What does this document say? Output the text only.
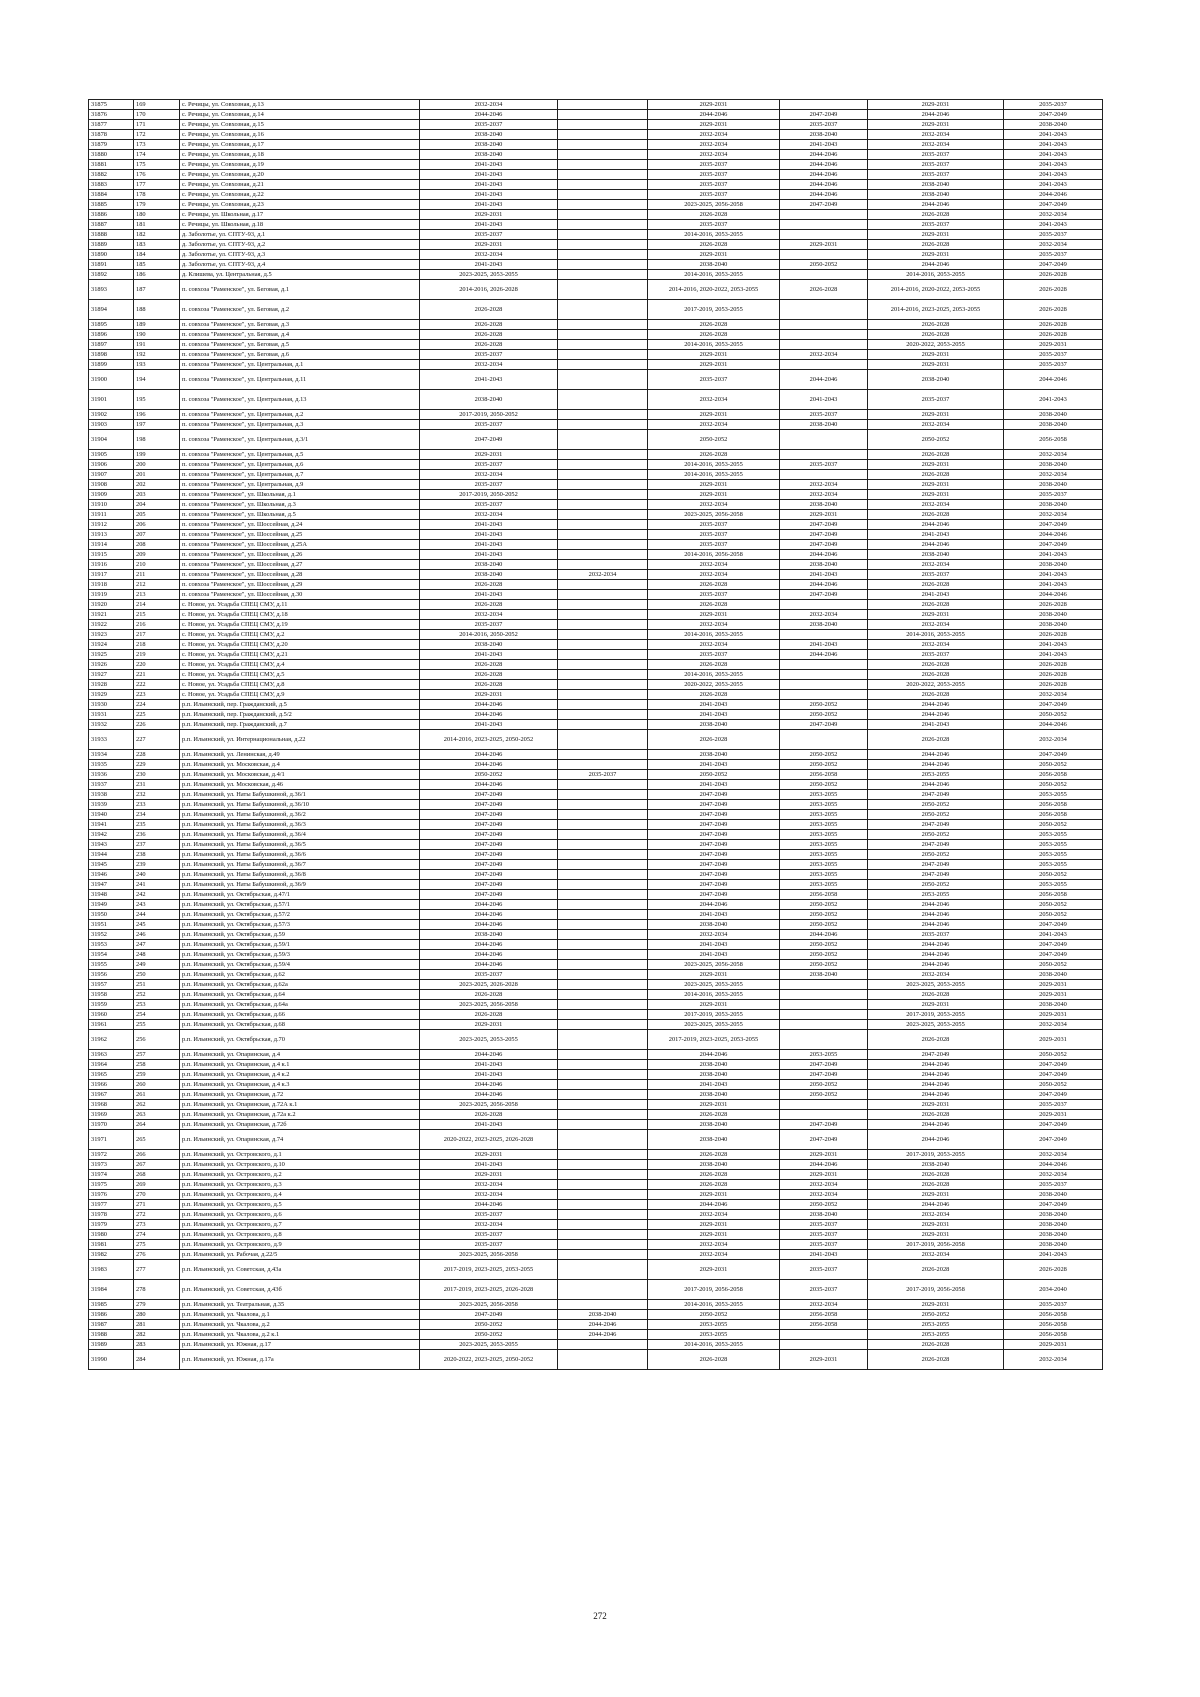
31875	169	с. Речицы, ул. Совхозная, д.13	2032-2034		2029-2031		2029-2031	2035-2037
31876	170	с. Речицы, ул. Совхозная, д.14	2044-2046		2044-2046	2047-2049	2044-2046	2047-2049
31877	171	с. Речицы, ул. Совхозная, д.15	2035-2037		2029-2031	2035-2037	2029-2031	2038-2040
31878	172	с. Речицы, ул. Совхозная, д.16	2038-2040		2032-2034	2038-2040	2032-2034	2041-2043
31879	173	с. Речицы, ул. Совхозная, д.17	2038-2040		2032-2034	2041-2043	2032-2034	2041-2043
31880	174	с. Речицы, ул. Совхозная, д.18	2038-2040		2032-2034	2044-2046	2035-2037	2041-2043
31881	175	с. Речицы, ул. Совхозная, д.19	2041-2043		2035-2037	2044-2046	2035-2037	2041-2043
31882	176	с. Речицы, ул. Совхозная, д.20	2041-2043		2035-2037	2044-2046	2035-2037	2041-2043
31883	177	с. Речицы, ул. Совхозная, д.21	2041-2043		2035-2037	2044-2046	2038-2040	2041-2043
31884	178	с. Речицы, ул. Совхозная, д.22	2041-2043		2035-2037	2044-2046	2038-2040	2044-2046
31885	179	с. Речицы, ул. Совхозная, д.23	2041-2043		2023-2025, 2056-2058	2047-2049	2044-2046	2047-2049
31886	180	с. Речицы, ул. Школьная, д.17	2029-2031		2026-2028		2026-2028	2032-2034
31887	181	с. Речицы, ул. Школьная, д.18	2041-2043		2035-2037		2035-2037	2041-2043
31888	182	д. Заболотье, ул. СПТУ-93, д.1	2035-2037		2014-2016, 2053-2055		2029-2031	2035-2037
31889	183	д. Заболотье, ул. СПТУ-93, д.2	2029-2031		2026-2028	2029-2031	2026-2028	2032-2034
31890	184	д. Заболотье, ул. СПТУ-93, д.3	2032-2034		2029-2031		2029-2031	2035-2037
31891	185	д. Заболотье, ул. СПТУ-93, д.4	2041-2043		2038-2040	2050-2052	2044-2046	2047-2049
31892	186	д. Клишева, ул. Центральная, д.5	2023-2025, 2053-2055		2014-2016, 2053-2055		2014-2016, 2053-2055	2026-2028
31893	187	п. совхоза "Раменское", ул. Беговая, д.1	2014-2016, 2026-2028		2014-2016, 2020-2022, 2053-2055	2026-2028	2014-2016, 2020-2022, 2053-2055	2026-2028
31894	188	п. совхоза "Раменское", ул. Беговая, д.2	2026-2028		2017-2019, 2053-2055		2014-2016, 2023-2025, 2053-2055	2026-2028
31895	189	п. совхоза "Раменское", ул. Беговая, д.3	2026-2028		2026-2028		2026-2028	2026-2028
31896	190	п. совхоза "Раменское", ул. Беговая, д.4	2026-2028		2026-2028		2026-2028	2026-2028
31897	191	п. совхоза "Раменское", ул. Беговая, д.5	2026-2028		2014-2016, 2053-2055		2020-2022, 2053-2055	2029-2031
31898	192	п. совхоза "Раменское", ул. Беговая, д.6	2035-2037		2029-2031	2032-2034	2029-2031	2035-2037
31899	193	п. совхоза "Раменское", ул. Центральная, д.1	2032-2034		2029-2031		2029-2031	2035-2037
31900	194	п. совхоза "Раменское", ул. Центральная, д.11	2041-2043		2035-2037	2044-2046	2038-2040	2044-2046
31901	195	п. совхоза "Раменское", ул. Центральная, д.13	2038-2040		2032-2034	2041-2043	2035-2037	2041-2043
31902	196	п. совхоза "Раменское", ул. Центральная, д.2	2017-2019, 2050-2052		2029-2031	2035-2037	2029-2031	2038-2040
31903	197	п. совхоза "Раменское", ул. Центральная, д.3	2035-2037		2032-2034	2038-2040	2032-2034	2038-2040
31904	198	п. совхоза "Раменское", ул. Центральная, д.3/1	2047-2049		2050-2052		2050-2052	2056-2058
31905	199	п. совхоза "Раменское", ул. Центральная, д.5	2029-2031		2026-2028		2026-2028	2032-2034
31906	200	п. совхоза "Раменское", ул. Центральная, д.6	2035-2037		2014-2016, 2053-2055	2035-2037	2029-2031	2038-2040
31907	201	п. совхоза "Раменское", ул. Центральная, д.7	2032-2034		2014-2016, 2053-2055		2026-2028	2032-2034
31908	202	п. совхоза "Раменское", ул. Центральная, д.9	2035-2037		2029-2031	2032-2034	2029-2031	2038-2040
31909	203	п. совхоза "Раменское", ул. Школьная, д.1	2017-2019, 2050-2052		2029-2031	2032-2034	2029-2031	2035-2037
31910	204	п. совхоза "Раменское", ул. Школьная, д.3	2035-2037		2032-2034	2038-2040	2032-2034	2038-2040
31911	205	п. совхоза "Раменское", ул. Школьная, д.5	2032-2034		2023-2025, 2056-2058	2029-2031	2026-2028	2032-2034
31912	206	п. совхоза "Раменское", ул. Шоссейная, д.24	2041-2043		2035-2037	2047-2049	2044-2046	2047-2049
31913	207	п. совхоза "Раменское", ул. Шоссейная, д.25	2041-2043		2035-2037	2047-2049	2041-2043	2044-2046
31914	208	п. совхоза "Раменское", ул. Шоссейная, д.25А	2041-2043		2035-2037	2047-2049	2044-2046	2047-2049
31915	209	п. совхоза "Раменское", ул. Шоссейная, д.26	2041-2043		2014-2016, 2056-2058	2044-2046	2038-2040	2041-2043
31916	210	п. совхоза "Раменское", ул. Шоссейная, д.27	2038-2040		2032-2034	2038-2040	2032-2034	2038-2040
31917	211	п. совхоза "Раменское", ул. Шоссейная, д.28	2038-2040	2032-2034	2032-2034	2041-2043	2035-2037	2041-2043
31918	212	п. совхоза "Раменское", ул. Шоссейная, д.29	2026-2028		2026-2028	2044-2046	2026-2028	2041-2043
31919	213	п. совхоза "Раменское", ул. Шоссейная, д.30	2041-2043		2035-2037	2047-2049	2041-2043	2044-2046
31920	214	с. Новое, ул. Усадьба СПЕЦ СМУ, д.11	2026-2028		2026-2028		2026-2028	2026-2028
31921	215	с. Новое, ул. Усадьба СПЕЦ СМУ, д.18	2032-2034		2029-2031	2032-2034	2029-2031	2038-2040
31922	216	с. Новое, ул. Усадьба СПЕЦ СМУ, д.19	2035-2037		2032-2034	2038-2040	2032-2034	2038-2040
31923	217	с. Новое, ул. Усадьба СПЕЦ СМУ, д.2	2014-2016, 2050-2052		2014-2016, 2053-2055		2014-2016, 2053-2055	2026-2028
31924	218	с. Новое, ул. Усадьба СПЕЦ СМУ, д.20	2038-2040		2032-2034	2041-2043	2032-2034	2041-2043
31925	219	с. Новое, ул. Усадьба СПЕЦ СМУ, д.21	2041-2043		2035-2037	2044-2046	2035-2037	2041-2043
31926	220	с. Новое, ул. Усадьба СПЕЦ СМУ, д.4	2026-2028		2026-2028		2026-2028	2026-2028
31927	221	с. Новое, ул. Усадьба СПЕЦ СМУ, д.5	2026-2028		2014-2016, 2053-2055		2026-2028	2026-2028
31928	222	с. Новое, ул. Усадьба СПЕЦ СМУ, д.8	2026-2028		2020-2022, 2053-2055		2020-2022, 2053-2055	2026-2028
31929	223	с. Новое, ул. Усадьба СПЕЦ СМУ, д.9	2029-2031		2026-2028		2026-2028	2032-2034
31930	224	р.п. Ильинский, пер. Гражданский, д.5	2044-2046		2041-2043	2050-2052	2044-2046	2047-2049
31931	225	р.п. Ильинский, пер. Гражданский, д.5/2	2044-2046		2041-2043	2050-2052	2044-2046	2050-2052
31932	226	р.п. Ильинский, пер. Гражданский, д.7	2041-2043		2038-2040	2047-2049	2041-2043	2044-2046
31933	227	р.п. Ильинский, ул. Интернациональная, д.22	2014-2016, 2023-2025, 2050-2052		2026-2028		2026-2028	2032-2034
31934	228	р.п. Ильинский, ул. Ленинская, д.49	2044-2046		2038-2040	2050-2052	2044-2046	2047-2049
31935	229	р.п. Ильинский, ул. Московская, д.4	2044-2046		2041-2043	2050-2052	2044-2046	2050-2052
31936	230	р.п. Ильинский, ул. Московская, д.4/1	2050-2052	2035-2037	2050-2052	2056-2058	2053-2055	2056-2058
31937	231	р.п. Ильинский, ул. Московская, д.46	2044-2046		2041-2043	2050-2052	2044-2046	2050-2052
31938	232	р.п. Ильинский, ул. Наты Бабушкиной, д.36/1	2047-2049		2047-2049	2053-2055	2047-2049	2053-2055
31939	233	р.п. Ильинский, ул. Наты Бабушкиной, д.36/10	2047-2049		2047-2049	2053-2055	2050-2052	2056-2058
31940	234	р.п. Ильинский, ул. Наты Бабушкиной, д.36/2	2047-2049		2047-2049	2053-2055	2050-2052	2056-2058
31941	235	р.п. Ильинский, ул. Наты Бабушкиной, д.36/3	2047-2049		2047-2049	2053-2055	2047-2049	2050-2052
31942	236	р.п. Ильинский, ул. Наты Бабушкиной, д.36/4	2047-2049		2047-2049	2053-2055	2050-2052	2053-2055
31943	237	р.п. Ильинский, ул. Наты Бабушкиной, д.36/5	2047-2049		2047-2049	2053-2055	2047-2049	2053-2055
31944	238	р.п. Ильинский, ул. Наты Бабушкиной, д.36/6	2047-2049		2047-2049	2053-2055	2050-2052	2053-2055
31945	239	р.п. Ильинский, ул. Наты Бабушкиной, д.36/7	2047-2049		2047-2049	2053-2055	2047-2049	2053-2055
31946	240	р.п. Ильинский, ул. Наты Бабушкиной, д.36/8	2047-2049		2047-2049	2053-2055	2047-2049	2050-2052
31947	241	р.п. Ильинский, ул. Наты Бабушкиной, д.36/9	2047-2049		2047-2049	2053-2055	2050-2052	2053-2055
31948	242	р.п. Ильинский, ул. Октябрьская, д.47/1	2047-2049		2047-2049	2056-2058	2053-2055	2056-2058
31949	243	р.п. Ильинский, ул. Октябрьская, д.57/1	2044-2046		2044-2046	2050-2052	2044-2046	2050-2052
31950	244	р.п. Ильинский, ул. Октябрьская, д.57/2	2044-2046		2041-2043	2050-2052	2044-2046	2050-2052
31951	245	р.п. Ильинский, ул. Октябрьская, д.57/3	2044-2046		2038-2040	2050-2052	2044-2046	2047-2049
31952	246	р.п. Ильинский, ул. Октябрьская, д.59	2038-2040		2032-2034	2044-2046	2035-2037	2041-2043
31953	247	р.п. Ильинский, ул. Октябрьская, д.59/1	2044-2046		2041-2043	2050-2052	2044-2046	2047-2049
31954	248	р.п. Ильинский, ул. Октябрьская, д.59/3	2044-2046		2041-2043	2050-2052	2044-2046	2047-2049
31955	249	р.п. Ильинский, ул. Октябрьская, д.59/4	2044-2046		2023-2025, 2056-2058	2050-2052	2044-2046	2050-2052
31956	250	р.п. Ильинский, ул. Октябрьская, д.62	2035-2037		2029-2031	2038-2040	2032-2034	2038-2040
31957	251	р.п. Ильинский, ул. Октябрьская, д.62а	2023-2025, 2026-2028		2023-2025, 2053-2055		2023-2025, 2053-2055	2029-2031
31958	252	р.п. Ильинский, ул. Октябрьская, д.64	2026-2028		2014-2016, 2053-2055		2026-2028	2029-2031
31959	253	р.п. Ильинский, ул. Октябрьская, д.64а	2023-2025, 2056-2058		2029-2031		2029-2031	2038-2040
31960	254	р.п. Ильинский, ул. Октябрьская, д.66	2026-2028		2017-2019, 2053-2055		2017-2019, 2053-2055	2029-2031
31961	255	р.п. Ильинский, ул. Октябрьская, д.68	2029-2031		2023-2025, 2053-2055		2023-2025, 2053-2055	2032-2034
31962	256	р.п. Ильинский, ул. Октябрьская, д.70	2023-2025, 2053-2055		2017-2019, 2023-2025, 2053-2055		2026-2028	2029-2031
31963	257	р.п. Ильинский, ул. Опаринская, д.4	2044-2046		2044-2046	2053-2055	2047-2049	2050-2052
31964	258	р.п. Ильинский, ул. Опаринская, д.4 к.1	2041-2043		2038-2040	2047-2049	2044-2046	2047-2049
31965	259	р.п. Ильинский, ул. Опаринская, д.4 к.2	2041-2043		2038-2040	2047-2049	2044-2046	2047-2049
31966	260	р.п. Ильинский, ул. Опаринская, д.4 к.3	2044-2046		2041-2043	2050-2052	2044-2046	2050-2052
31967	261	р.п. Ильинский, ул. Опаринская, д.72	2044-2046		2038-2040	2050-2052	2044-2046	2047-2049
31968	262	р.п. Ильинский, ул. Опаринская, д.72А к.1	2023-2025, 2056-2058		2029-2031		2029-2031	2035-2037
31969	263	р.п. Ильинский, ул. Опаринская, д.72а к.2	2026-2028		2026-2028		2026-2028	2029-2031
31970	264	р.п. Ильинский, ул. Опаринская, д.72б	2041-2043		2038-2040	2047-2049	2044-2046	2047-2049
31971	265	р.п. Ильинский, ул. Опаринская, д.74	2020-2022, 2023-2025, 2026-2028		2038-2040	2047-2049	2044-2046	2047-2049
31972	266	р.п. Ильинский, ул. Островского, д.1	2029-2031		2026-2028	2029-2031	2017-2019, 2053-2055	2032-2034
31973	267	р.п. Ильинский, ул. Островского, д.10	2041-2043		2038-2040	2044-2046	2038-2040	2044-2046
31974	268	р.п. Ильинский, ул. Островского, д.2	2029-2031		2026-2028	2029-2031	2026-2028	2032-2034
31975	269	р.п. Ильинский, ул. Островского, д.3	2032-2034		2026-2028	2032-2034	2026-2028	2035-2037
31976	270	р.п. Ильинский, ул. Островского, д.4	2032-2034		2029-2031	2032-2034	2029-2031	2038-2040
31977	271	р.п. Ильинский, ул. Островского, д.5	2044-2046		2044-2046	2050-2052	2044-2046	2047-2049
31978	272	р.п. Ильинский, ул. Островского, д.6	2035-2037		2032-2034	2038-2040	2032-2034	2038-2040
31979	273	р.п. Ильинский, ул. Островского, д.7	2032-2034		2029-2031	2035-2037	2029-2031	2038-2040
31980	274	р.п. Ильинский, ул. Островского, д.8	2035-2037		2029-2031	2035-2037	2029-2031	2038-2040
31981	275	р.п. Ильинский, ул. Островского, д.9	2035-2037		2032-2034	2035-2037	2017-2019, 2056-2058	2038-2040
31982	276	р.п. Ильинский, ул. Рабочая, д.22/5	2023-2025, 2056-2058		2032-2034	2041-2043	2032-2034	2041-2043
31983	277	р.п. Ильинский, ул. Советская, д.43а	2017-2019, 2023-2025, 2053-2055		2029-2031	2035-2037	2026-2028	2026-2028
31984	278	р.п. Ильинский, ул. Советская, д.43б	2017-2019, 2023-2025, 2026-2028		2017-2019, 2056-2058	2035-2037	2017-2019, 2056-2058	2034-2040
31985	279	р.п. Ильинский, ул. Театральная, д.35	2023-2025, 2056-2058		2014-2016, 2053-2055	2032-2034	2029-2031	2035-2037
31986	280	р.п. Ильинский, ул. Чкалова, д.1	2047-2049	2038-2040	2050-2052	2056-2058	2050-2052	2056-2058
31987	281	р.п. Ильинский, ул. Чкалова, д.2	2050-2052	2044-2046	2053-2055	2056-2058	2053-2055	2056-2058
31988	282	р.п. Ильинский, ул. Чкалова, д.2 к.1	2050-2052	2044-2046	2053-2055		2053-2055	2056-2058
31989	283	р.п. Ильинский, ул. Южная, д.17	2023-2025, 2053-2055		2014-2016, 2053-2055		2026-2028	2029-2031
31990	284	р.п. Ильинский, ул. Южная, д.17а	2020-2022, 2023-2025, 2050-2052		2026-2028	2029-2031	2026-2028	2032-2034
272
